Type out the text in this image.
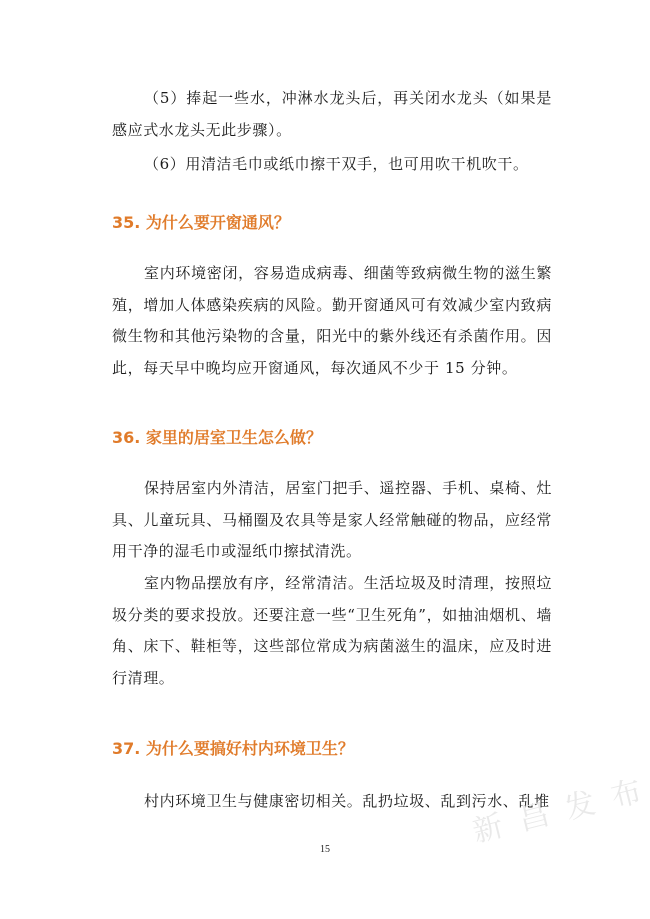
（5）捧起一些水，冲淋水龙头后，再关闭水龙头（如果是感应式水龙头无此步骤）。

（6）用清洁毛巾或纸巾擦干双手，也可用吹干机吹干。

35. 为什么要开窗通风？

室内环境密闭，容易造成病毒、细菌等致病微生物的滋生繁殖，增加人体感染疾病的风险。勤开窗通风可有效减少室内致病微生物和其他污染物的含量，阳光中的紫外线还有杀菌作用。因此，每天早中晚均应开窗通风，每次通风不少于 15 分钟。

36. 家里的居室卫生怎么做？

保持居室内外清洁，居室门把手、遥控器、手机、桌椅、灶具、儿童玩具、马桶圈及农具等是家人经常触碰的物品，应经常用干净的湿毛巾或湿纸巾擦拭清洗。

室内物品摆放有序，经常清洁。生活垃圾及时清理，按照垃圾分类的要求投放。还要注意一些“卫生死角”，如抽油烟机、墙角、床下、鞋柜等，这些部位常成为病菌滋生的温床，应及时进行清理。

37. 为什么要搞好村内环境卫生？

村内环境卫生与健康密切相关。乱扔垃圾、乱到污水、乱堆

15	新 昌 发 布
